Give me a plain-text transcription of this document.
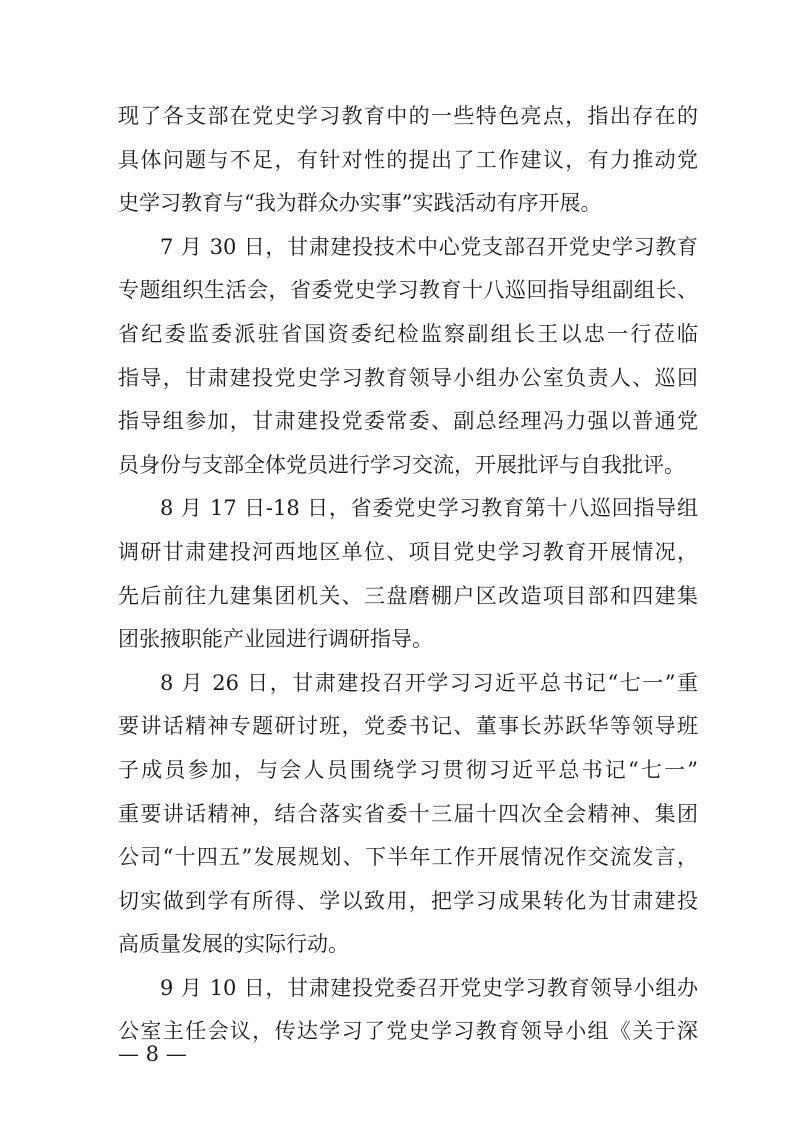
现了各支部在党史学习教育中的一些特色亮点，指出存在的
具体问题与不足，有针对性的提出了工作建议，有力推动党
史学习教育与“我为群众办实事”实践活动有序开展。
7 月 30 日，甘肃建投技术中心党支部召开党史学习教育
专题组织生活会，省委党史学习教育十八巡回指导组副组长、
省纪委监委派驻省国资委纪检监察副组长王以忠一行莅临
指导，甘肃建投党史学习教育领导小组办公室负责人、巡回
指导组参加，甘肃建投党委常委、副总经理冯力强以普通党
员身份与支部全体党员进行学习交流，开展批评与自我批评。
8 月 17 日-18 日，省委党史学习教育第十八巡回指导组
调研甘肃建投河西地区单位、项目党史学习教育开展情况，
先后前往九建集团机关、三盘磨棚户区改造项目部和四建集
团张掖职能产业园进行调研指导。
8 月 26 日，甘肃建投召开学习习近平总书记“七一”重
要讲话精神专题研讨班，党委书记、董事长苏跃华等领导班
子成员参加，与会人员围绕学习贯彻习近平总书记“七一”
重要讲话精神，结合落实省委十三届十四次全会精神、集团
公司“十四五”发展规划、下半年工作开展情况作交流发言，
切实做到学有所得、学以致用，把学习成果转化为甘肃建投
高质量发展的实际行动。
9 月 10 日，甘肃建投党委召开党史学习教育领导小组办
公室主任会议，传达学习了党史学习教育领导小组《关于深
— 8 —
